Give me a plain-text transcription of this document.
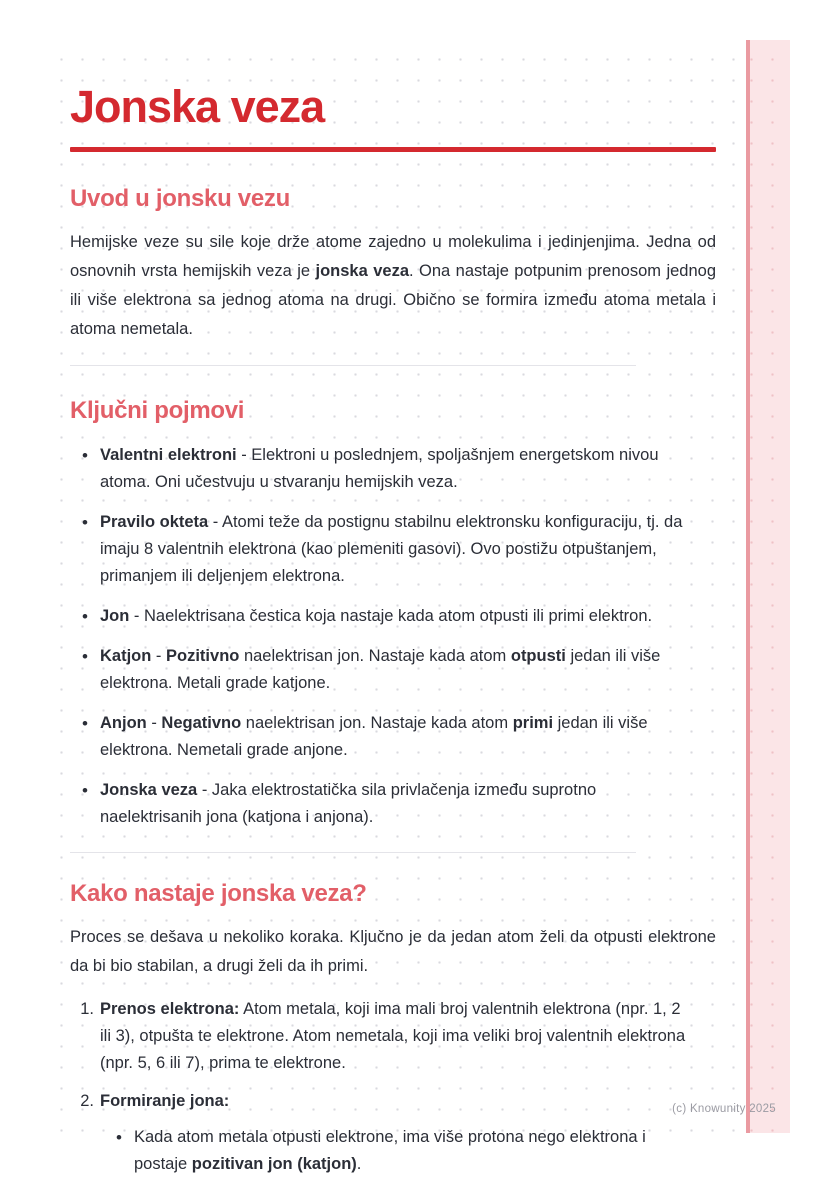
Jonska veza
Uvod u jonsku vezu

Hemijske veze su sile koje drže atome zajedno u molekulima i jedinjenjima. Jedna od osnovnih vrsta hemijskih veza je jonska veza. Ona nastaje potpunim prenosom jednog ili više elektrona sa jednog atoma na drugi. Obično se formira između atoma metala i atoma nemetala.

Ključni pojmovi
• Valentni elektroni - Elektroni u poslednjem, spoljašnjem energetskom nivou atoma. Oni učestvuju u stvaranju hemijskih veza.
• Pravilo okteta - Atomi teže da postignu stabilnu elektronsku konfiguraciju, tj. da imaju 8 valentnih elektrona (kao plemeniti gasovi). Ovo postižu otpuštanjem, primanjem ili deljenjem elektrona.
• Jon - Naelektrisana čestica koja nastaje kada atom otpusti ili primi elektron.
• Katjon - Pozitivno naelektrisan jon. Nastaje kada atom otpusti jedan ili više elektrona. Metali grade katjone.
• Anjon - Negativno naelektrisan jon. Nastaje kada atom primi jedan ili više elektrona. Nemetali grade anjone.
• Jonska veza - Jaka elektrostatička sila privlačenja između suprotno naelektrisanih jona (katjona i anjona).
Kako nastaje jonska veza?

Proces se dešava u nekoliko koraka. Ključno je da jedan atom želi da otpusti elektrone da bi bio stabilan, a drugi želi da ih primi.

Prenos elektrona: Atom metala, koji ima mali broj valentnih elektrona (npr. 1, 2 ili 3), otpušta te elektrone. Atom nemetala, koji ima veliki broj valentnih elektrona (npr. 5, 6 ili 7), prima te elektrone.
Formiranje jona:
• Kada atom metala otpusti elektrone, ima više protona nego elektrona i postaje pozitivan jon (katjon).
(c) Knowunity 2025
